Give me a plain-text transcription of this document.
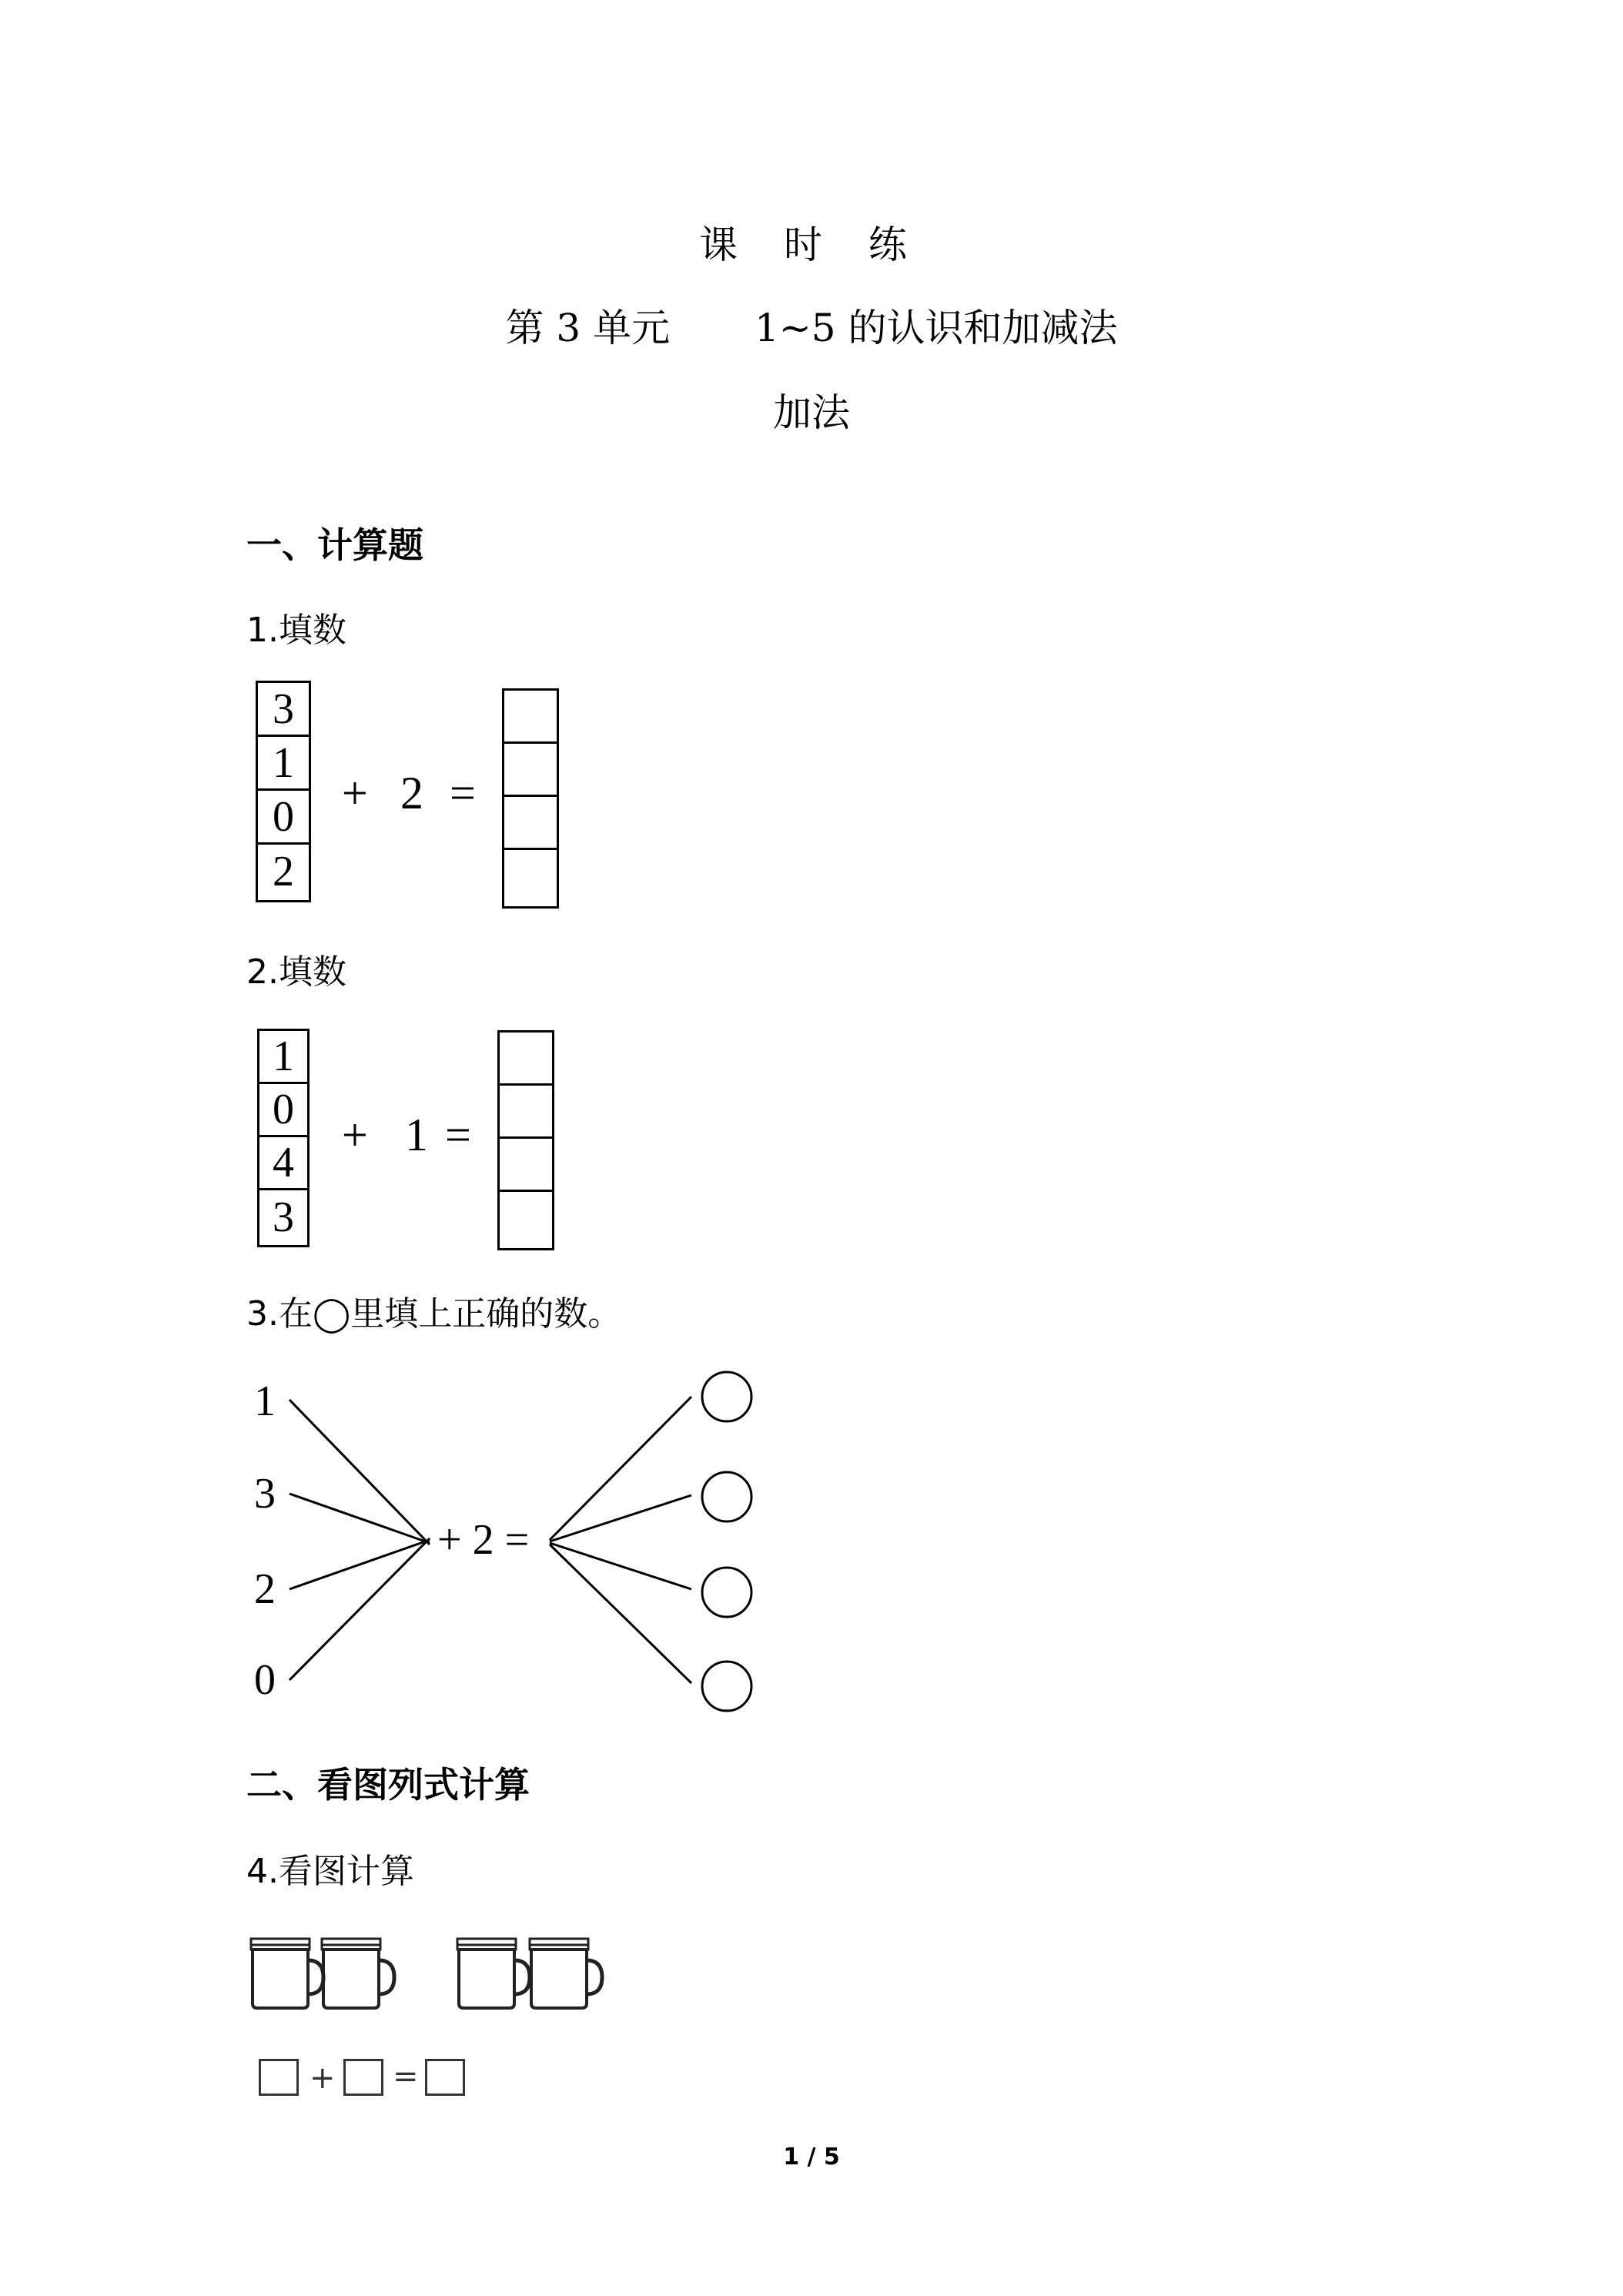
课 时 练
第 3 单元 1~5 的认识和加减法
加法
一、计算题
1.填数
3
1
0
2
+ 2 =
2.填数
1
0
4
3
+ 1 =
3.在◯里填上正确的数。
1
3
2
0
+ 2 =
二、看图列式计算
4.看图计算
+ =
1 / 5
